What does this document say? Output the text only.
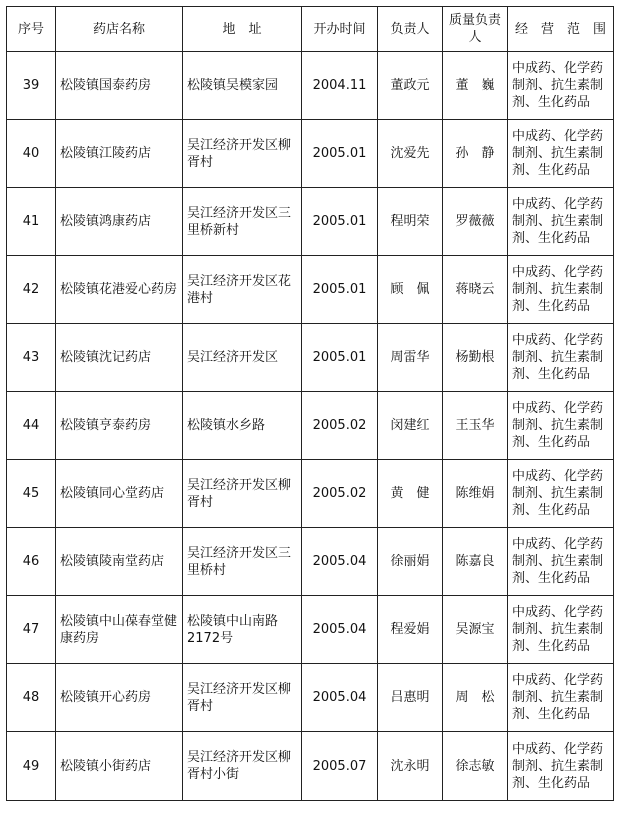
序号	药店名称	地　址	开办时间	负责人	质量负责人	经　营　范　围
39	松陵镇国泰药房	松陵镇吴模家园	2004.11	董政元	董　巍	中成药、化学药制剂、抗生素制剂、生化药品
40	松陵镇江陵药店	吴江经济开发区柳胥村	2005.01	沈爱先	孙　静	中成药、化学药制剂、抗生素制剂、生化药品
41	松陵镇鸿康药店	吴江经济开发区三里桥新村	2005.01	程明荣	罗薇薇	中成药、化学药制剂、抗生素制剂、生化药品
42	松陵镇花港爱心药房	吴江经济开发区花港村	2005.01	顾　佩	蒋晓云	中成药、化学药制剂、抗生素制剂、生化药品
43	松陵镇沈记药店	吴江经济开发区	2005.01	周雷华	杨勤根	中成药、化学药制剂、抗生素制剂、生化药品
44	松陵镇亨泰药房	松陵镇水乡路	2005.02	闵建红	王玉华	中成药、化学药制剂、抗生素制剂、生化药品
45	松陵镇同心堂药店	吴江经济开发区柳胥村	2005.02	黄　健	陈维娟	中成药、化学药制剂、抗生素制剂、生化药品
46	松陵镇陵南堂药店	吴江经济开发区三里桥村	2005.04	徐丽娟	陈嘉良	中成药、化学药制剂、抗生素制剂、生化药品
47	松陵镇中山葆春堂健康药房	松陵镇中山南路2172号	2005.04	程爱娟	吴源宝	中成药、化学药制剂、抗生素制剂、生化药品
48	松陵镇开心药房	吴江经济开发区柳胥村	2005.04	吕惠明	周　松	中成药、化学药制剂、抗生素制剂、生化药品
49	松陵镇小街药店	吴江经济开发区柳胥村小街	2005.07	沈永明	徐志敏	中成药、化学药制剂、抗生素制剂、生化药品
